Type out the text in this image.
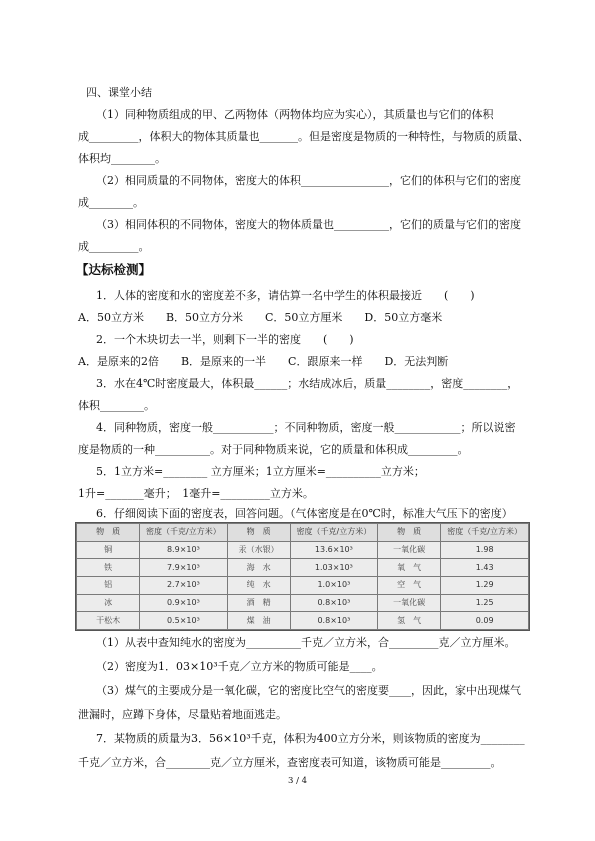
四、课堂小结
（1）同种物质组成的甲、乙两物体（两物体均应为实心），其质量也与它们的体积
成_________，体积大的物体其质量也_______。但是密度是物质的一种特性，与物质的质量、
体积均________。
（2）相同质量的不同物体，密度大的体积________________，它们的体积与它们的密度
成________。
（3）相同体积的不同物体，密度大的物体质量也__________，它们的质量与它们的密度
成_________。
【达标检测】
1．人体的密度和水的密度差不多，请估算一名中学生的体积最接近　　(　　)
A．50立方米　　B．50立方分米　　C．50立方厘米　　D．50立方毫米
2．一个木块切去一半，则剩下一半的密度　　(　　)
A．是原来的2倍　　B．是原来的一半　　C．跟原来一样　　D．无法判断
3．水在4℃时密度最大，体积最______；水结成冰后，质量________，密度________，
体积________。
4．同种物质，密度一般___________；不同种物质，密度一般____________；所以说密
度是物质的一种__________。对于同种物质来说，它的质量和体积成_________。
5．1立方米=________ 立方厘米；1立方厘米=__________立方米；
1升=_______毫升；　1毫升=_________立方米。
6．仔细阅读下面的密度表，回答问题。（气体密度是在0℃时，标准大气压下的密度）
物　质	密度（千克/立方米）	物　质	密度（千克/立方米）	物　质	密度（千克/立方米）
铜	8.9×10³	汞（水银）	13.6×10³	一氧化碳	1.98
铁	7.9×10³	海　水	1.03×10³	氧　气	1.43
铝	2.7×10³	纯　水	1.0×10³	空　气	1.29
冰	0.9×10³	酒　精	0.8×10³	一氧化碳	1.25
干松木	0.5×10³	煤　油	0.8×10³	氢　气	0.09
（1）从表中查知纯水的密度为__________千克／立方米，合_________克／立方厘米。
（2）密度为1．03×10³千克／立方米的物质可能是____。
（3）煤气的主要成分是一氧化碳，它的密度比空气的密度要____，因此，家中出现煤气
泄漏时，应蹲下身体，尽量贴着地面逃走。
7．某物质的质量为3．56×10³千克，体积为400立方分米，则该物质的密度为________
千克／立方米，合________克／立方厘米，查密度表可知道，该物质可能是_________。
3 / 4
